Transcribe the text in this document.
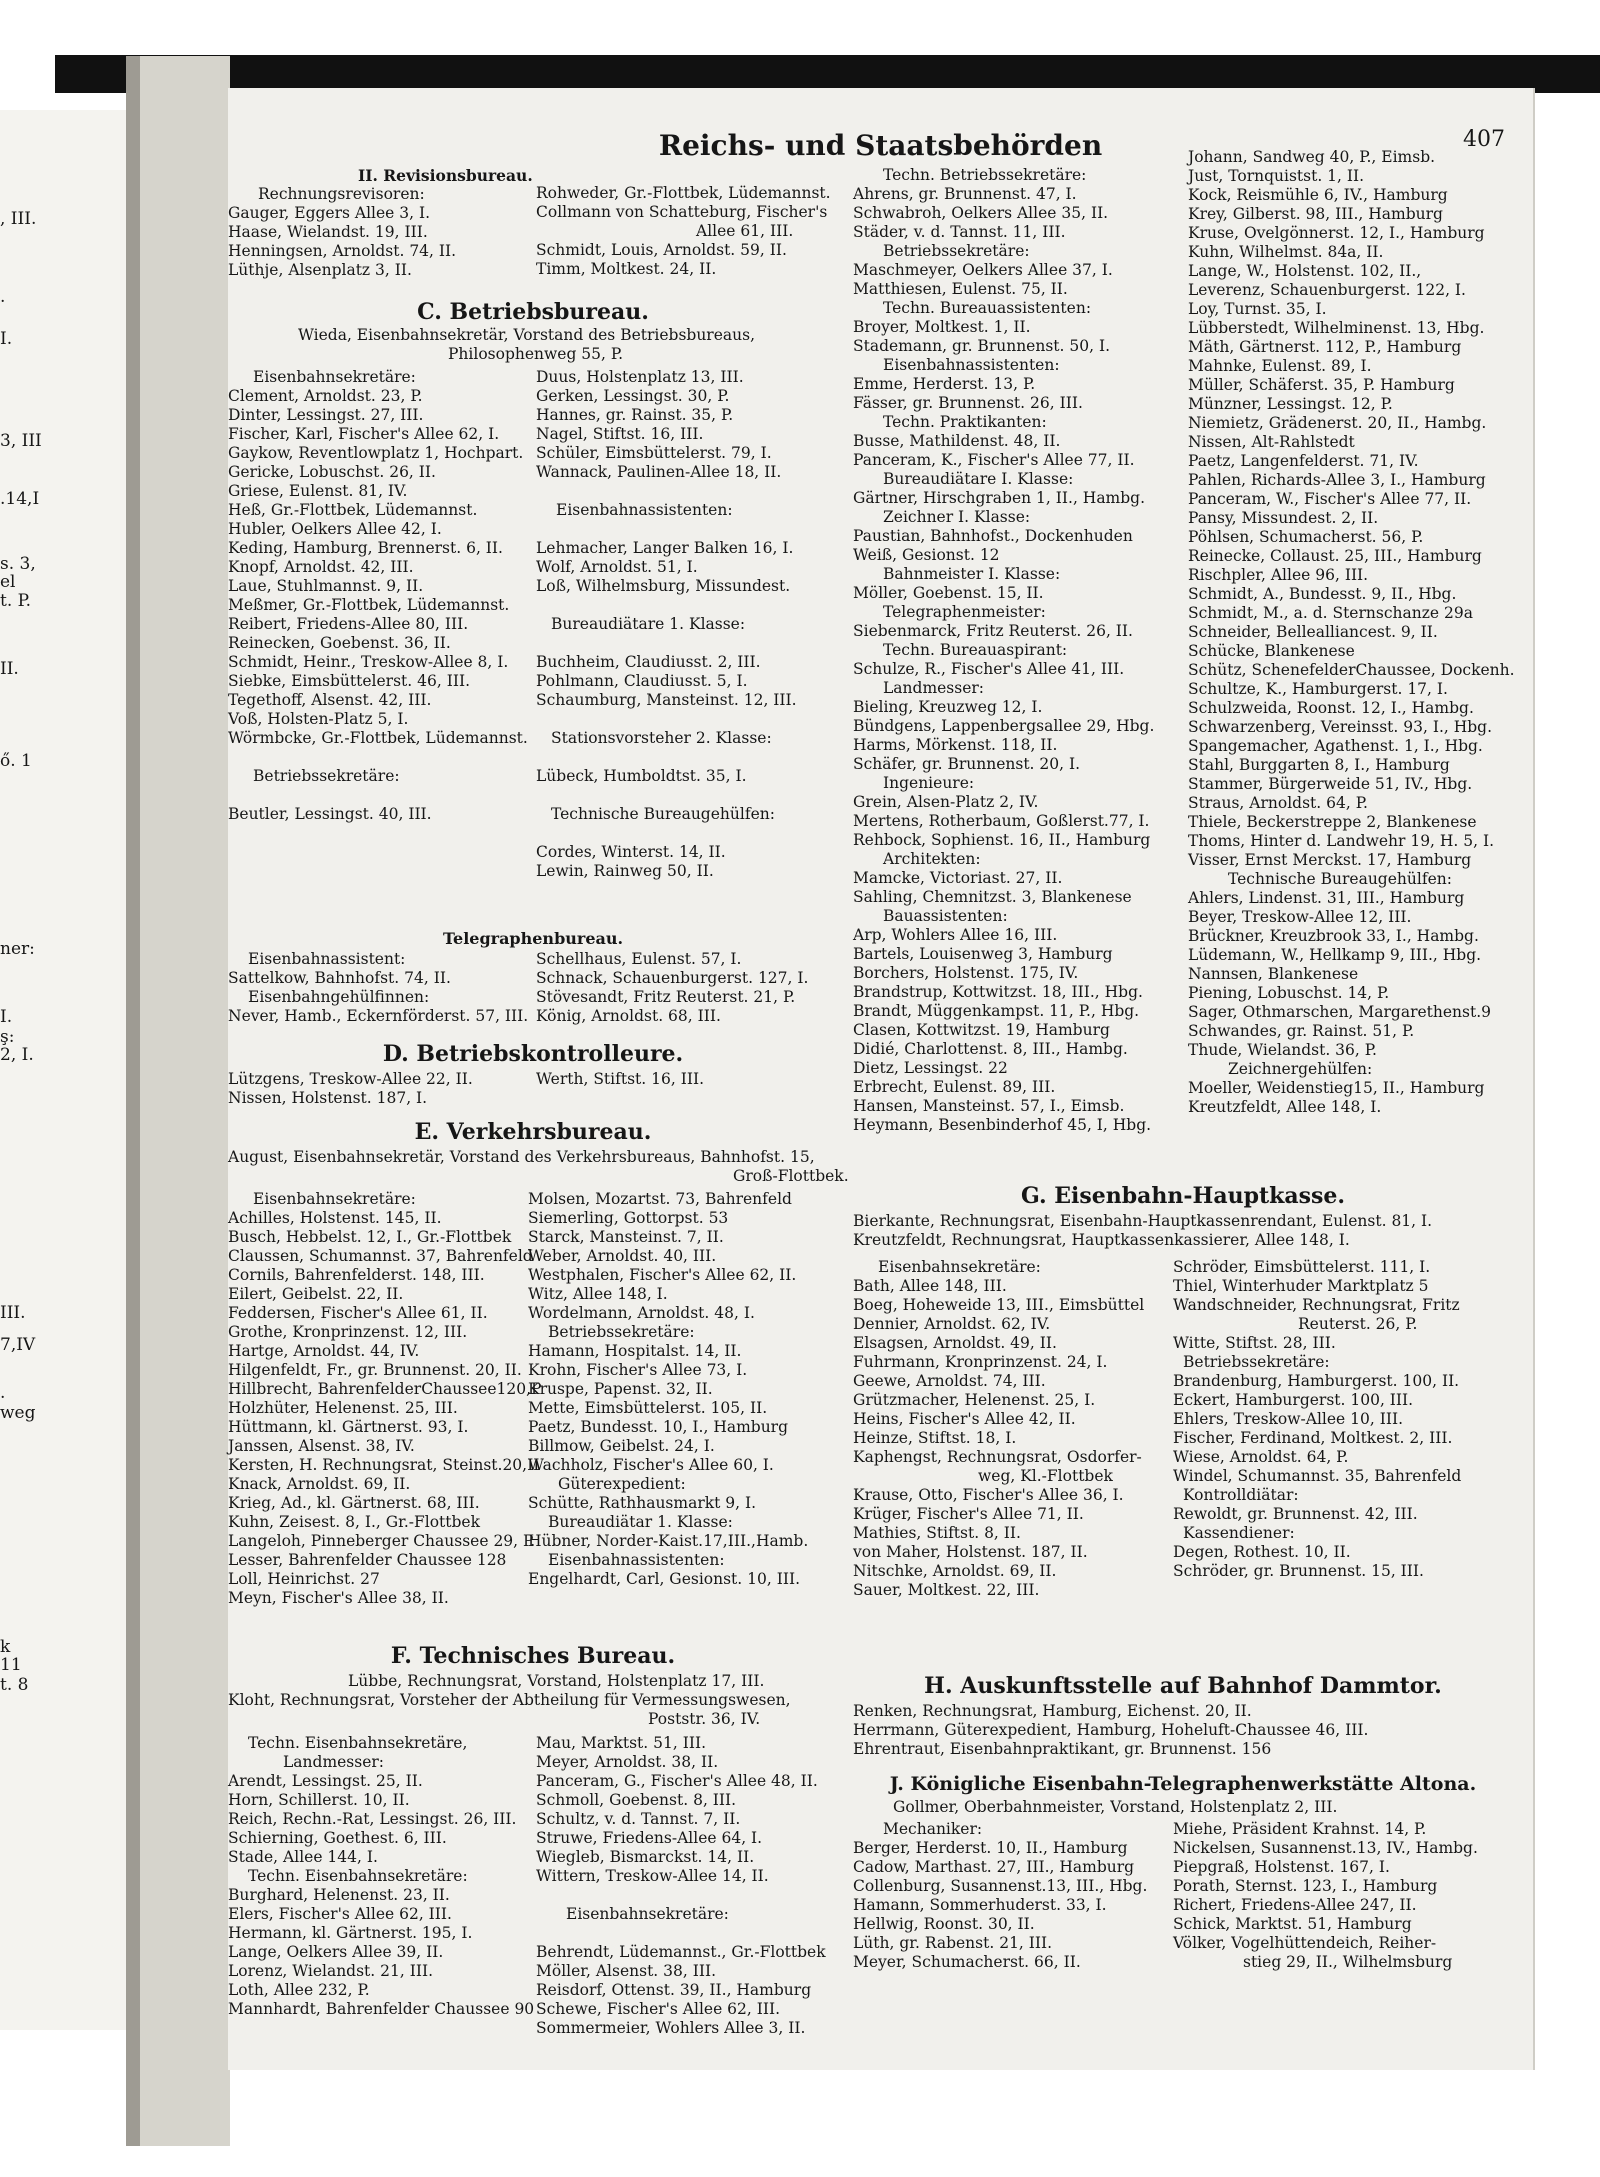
, III.
.
I.
3, III
.14,I
s. 3,
el
t. P.
II.
ő. 1
ner:
I.
ş:
2, I.
III.
7,IV
.
weg
k
11
t. 8
Reichs- und Staatsbehörden	407
II. Revisionsbureau.
Rechnungsrevisoren:
Gauger, Eggers Allee 3, I.
Haase, Wielandst. 19, III.
Henningsen, Arnoldst. 74, II.
Lüthje, Alsenplatz 3, II.
Rohweder, Gr.-Flottbek, Lüdemannst.
Collmann von Schatteburg, Fischer's
Allee 61, III.
Schmidt, Louis, Arnoldst. 59, II.
Timm, Moltkest. 24, II.
C. Betriebsbureau.
Wieda, Eisenbahnsekretär, Vorstand des Betriebsbureaus,
Philosophenweg 55, P.
Eisenbahnsekretäre:
Clement, Arnoldst. 23, P.
Dinter, Lessingst. 27, III.
Fischer, Karl, Fischer's Allee 62, I.
Gaykow, Reventlowplatz 1, Hochpart.
Gericke, Lobuschst. 26, II.
Griese, Eulenst. 81, IV.
Heß, Gr.-Flottbek, Lüdemannst.
Hubler, Oelkers Allee 42, I.
Keding, Hamburg, Brennerst. 6, II.
Knopf, Arnoldst. 42, III.
Laue, Stuhlmannst. 9, II.
Meßmer, Gr.-Flottbek, Lüdemannst.
Reibert, Friedens-Allee 80, III.
Reinecken, Goebenst. 36, II.
Schmidt, Heinr., Treskow-Allee 8, I.
Siebke, Eimsbüttelerst. 46, III.
Tegethoff, Alsenst. 42, III.
Voß, Holsten-Platz 5, I.
Wörmbcke, Gr.-Flottbek, Lüdemannst.
Betriebssekretäre:
Beutler, Lessingst. 40, III.
Duus, Holstenplatz 13, III.
Gerken, Lessingst. 30, P.
Hannes, gr. Rainst. 35, P.
Nagel, Stiftst. 16, III.
Schüler, Eimsbüttelerst. 79, I.
Wannack, Paulinen-Allee 18, II.
Eisenbahnassistenten:
Lehmacher, Langer Balken 16, I.
Wolf, Arnoldst. 51, I.
Loß, Wilhelmsburg, Missundest.
Bureaudiätare 1. Klasse:
Buchheim, Claudiusst. 2, III.
Pohlmann, Claudiusst. 5, I.
Schaumburg, Mansteinst. 12, III.
Stationsvorsteher 2. Klasse:
Lübeck, Humboldtst. 35, I.
Technische Bureaugehülfen:
Cordes, Winterst. 14, II.
Lewin, Rainweg 50, II.
Telegraphenbureau.
Eisenbahnassistent:
Sattelkow, Bahnhofst. 74, II.
Eisenbahngehülfinnen:
Never, Hamb., Eckernförderst. 57, III.
Schellhaus, Eulenst. 57, I.
Schnack, Schauenburgerst. 127, I.
Stövesandt, Fritz Reuterst. 21, P.
König, Arnoldst. 68, III.
D. Betriebskontrolleure.
Lützgens, Treskow-Allee 22, II.
Nissen, Holstenst. 187, I.
Werth, Stiftst. 16, III.
E. Verkehrsbureau.
August, Eisenbahnsekretär, Vorstand des Verkehrsbureaus, Bahnhofst. 15,
Groß-Flottbek.
Eisenbahnsekretäre:
Achilles, Holstenst. 145, II.
Busch, Hebbelst. 12, I., Gr.-Flottbek
Claussen, Schumannst. 37, Bahrenfeld
Cornils, Bahrenfelderst. 148, III.
Eilert, Geibelst. 22, II.
Feddersen, Fischer's Allee 61, II.
Grothe, Kronprinzenst. 12, III.
Hartge, Arnoldst. 44, IV.
Hilgenfeldt, Fr., gr. Brunnenst. 20, II.
Hillbrecht, BahrenfelderChaussee120,P
Holzhüter, Helenenst. 25, III.
Hüttmann, kl. Gärtnerst. 93, I.
Janssen, Alsenst. 38, IV.
Kersten, H. Rechnungsrat, Steinst.20,II
Knack, Arnoldst. 69, II.
Krieg, Ad., kl. Gärtnerst. 68, III.
Kuhn, Zeisest. 8, I., Gr.-Flottbek
Langeloh, Pinneberger Chaussee 29, P.
Lesser, Bahrenfelder Chaussee 128
Loll, Heinrichst. 27
Meyn, Fischer's Allee 38, II.
Molsen, Mozartst. 73, Bahrenfeld
Siemerling, Gottorpst. 53
Starck, Mansteinst. 7, II.
Weber, Arnoldst. 40, III.
Westphalen, Fischer's Allee 62, II.
Witz, Allee 148, I.
Wordelmann, Arnoldst. 48, I.
Betriebssekretäre:
Hamann, Hospitalst. 14, II.
Krohn, Fischer's Allee 73, I.
Kruspe, Papenst. 32, II.
Mette, Eimsbüttelerst. 105, II.
Paetz, Bundesst. 10, I., Hamburg
Billmow, Geibelst. 24, I.
Wachholz, Fischer's Allee 60, I.
Güterexpedient:
Schütte, Rathhausmarkt 9, I.
Bureaudiätar 1. Klasse:
Hübner, Norder-Kaist.17,III.,Hamb.
Eisenbahnassistenten:
Engelhardt, Carl, Gesionst. 10, III.
F. Technisches Bureau.
Lübbe, Rechnungsrat, Vorstand, Holstenplatz 17, III.
Kloht, Rechnungsrat, Vorsteher der Abtheilung für Vermessungswesen,
Poststr. 36, IV.
Techn. Eisenbahnsekretäre,
Landmesser:
Arendt, Lessingst. 25, II.
Horn, Schillerst. 10, II.
Reich, Rechn.-Rat, Lessingst. 26, III.
Schierning, Goethest. 6, III.
Stade, Allee 144, I.
Techn. Eisenbahnsekretäre:
Burghard, Helenenst. 23, II.
Elers, Fischer's Allee 62, III.
Hermann, kl. Gärtnerst. 195, I.
Lange, Oelkers Allee 39, II.
Lorenz, Wielandst. 21, III.
Loth, Allee 232, P.
Mannhardt, Bahrenfelder Chaussee 90
Mau, Marktst. 51, III.
Meyer, Arnoldst. 38, II.
Panceram, G., Fischer's Allee 48, II.
Schmoll, Goebenst. 8, III.
Schultz, v. d. Tannst. 7, II.
Struwe, Friedens-Allee 64, I.
Wiegleb, Bismarckst. 14, II.
Wittern, Treskow-Allee 14, II.
Eisenbahnsekretäre:
Behrendt, Lüdemannst., Gr.-Flottbek
Möller, Alsenst. 38, III.
Reisdorf, Ottenst. 39, II., Hamburg
Schewe, Fischer's Allee 62, III.
Sommermeier, Wohlers Allee 3, II.
Techn. Betriebssekretäre:
Ahrens, gr. Brunnenst. 47, I.
Schwabroh, Oelkers Allee 35, II.
Städer, v. d. Tannst. 11, III.
Betriebssekretäre:
Maschmeyer, Oelkers Allee 37, I.
Matthiesen, Eulenst. 75, II.
Techn. Bureauassistenten:
Broyer, Moltkest. 1, II.
Stademann, gr. Brunnenst. 50, I.
Eisenbahnassistenten:
Emme, Herderst. 13, P.
Fässer, gr. Brunnenst. 26, III.
Techn. Praktikanten:
Busse, Mathildenst. 48, II.
Panceram, K., Fischer's Allee 77, II.
Bureaudiätare I. Klasse:
Gärtner, Hirschgraben 1, II., Hambg.
Zeichner I. Klasse:
Paustian, Bahnhofst., Dockenhuden
Weiß, Gesionst. 12
Bahnmeister I. Klasse:
Möller, Goebenst. 15, II.
Telegraphenmeister:
Siebenmarck, Fritz Reuterst. 26, II.
Techn. Bureauaspirant:
Schulze, R., Fischer's Allee 41, III.
Landmesser:
Bieling, Kreuzweg 12, I.
Bündgens, Lappenbergsallee 29, Hbg.
Harms, Mörkenst. 118, II.
Schäfer, gr. Brunnenst. 20, I.
Ingenieure:
Grein, Alsen-Platz 2, IV.
Mertens, Rotherbaum, Goßlerst.77, I.
Rehbock, Sophienst. 16, II., Hamburg
Architekten:
Mamcke, Victoriast. 27, II.
Sahling, Chemnitzst. 3, Blankenese
Bauassistenten:
Arp, Wohlers Allee 16, III.
Bartels, Louisenweg 3, Hamburg
Borchers, Holstenst. 175, IV.
Brandstrup, Kottwitzst. 18, III., Hbg.
Brandt, Müggenkampst. 11, P., Hbg.
Clasen, Kottwitzst. 19, Hamburg
Didié, Charlottenst. 8, III., Hambg.
Dietz, Lessingst. 22
Erbrecht, Eulenst. 89, III.
Hansen, Mansteinst. 57, I., Eimsb.
Heymann, Besenbinderhof 45, I, Hbg.
Johann, Sandweg 40, P., Eimsb.
Just, Tornquistst. 1, II.
Kock, Reismühle 6, IV., Hamburg
Krey, Gilberst. 98, III., Hamburg
Kruse, Ovelgönnerst. 12, I., Hamburg
Kuhn, Wilhelmst. 84a, II.
Lange, W., Holstenst. 102, II.,
Leverenz, Schauenburgerst. 122, I.
Loy, Turnst. 35, I.
Lübberstedt, Wilhelminenst. 13, Hbg.
Mäth, Gärtnerst. 112, P., Hamburg
Mahnke, Eulenst. 89, I.
Müller, Schäferst. 35, P. Hamburg
Münzner, Lessingst. 12, P.
Niemietz, Grädenerst. 20, II., Hambg.
Nissen, Alt-Rahlstedt
Paetz, Langenfelderst. 71, IV.
Pahlen, Richards-Allee 3, I., Hamburg
Panceram, W., Fischer's Allee 77, II.
Pansy, Missundest. 2, II.
Pöhlsen, Schumacherst. 56, P.
Reinecke, Collaust. 25, III., Hamburg
Rischpler, Allee 96, III.
Schmidt, A., Bundesst. 9, II., Hbg.
Schmidt, M., a. d. Sternschanze 29a
Schneider, Bellealliancest. 9, II.
Schücke, Blankenese
Schütz, SchenefelderChaussee, Dockenh.
Schultze, K., Hamburgerst. 17, I.
Schulzweida, Roonst. 12, I., Hambg.
Schwarzenberg, Vereinsst. 93, I., Hbg.
Spangemacher, Agathenst. 1, I., Hbg.
Stahl, Burggarten 8, I., Hamburg
Stammer, Bürgerweide 51, IV., Hbg.
Straus, Arnoldst. 64, P.
Thiele, Beckerstreppe 2, Blankenese
Thoms, Hinter d. Landwehr 19, H. 5, I.
Visser, Ernst Merckst. 17, Hamburg
Technische Bureaugehülfen:
Ahlers, Lindenst. 31, III., Hamburg
Beyer, Treskow-Allee 12, III.
Brückner, Kreuzbrook 33, I., Hambg.
Lüdemann, W., Hellkamp 9, III., Hbg.
Nannsen, Blankenese
Piening, Lobuschst. 14, P.
Sager, Othmarschen, Margarethenst.9
Schwandes, gr. Rainst. 51, P.
Thude, Wielandst. 36, P.
Zeichnergehülfen:
Moeller, Weidenstieg15, II., Hamburg
Kreutzfeldt, Allee 148, I.
G. Eisenbahn-Hauptkasse.
Bierkante, Rechnungsrat, Eisenbahn-Hauptkassenrendant, Eulenst. 81, I.
Kreutzfeldt, Rechnungsrat, Hauptkassenkassierer, Allee 148, I.
Eisenbahnsekretäre:
Bath, Allee 148, III.
Boeg, Hoheweide 13, III., Eimsbüttel
Dennier, Arnoldst. 62, IV.
Elsagsen, Arnoldst. 49, II.
Fuhrmann, Kronprinzenst. 24, I.
Geewe, Arnoldst. 74, III.
Grützmacher, Helenenst. 25, I.
Heins, Fischer's Allee 42, II.
Heinze, Stiftst. 18, I.
Kaphengst, Rechnungsrat, Osdorfer-
weg, Kl.-Flottbek
Krause, Otto, Fischer's Allee 36, I.
Krüger, Fischer's Allee 71, II.
Mathies, Stiftst. 8, II.
von Maher, Holstenst. 187, II.
Nitschke, Arnoldst. 69, II.
Sauer, Moltkest. 22, III.
Schröder, Eimsbüttelerst. 111, I.
Thiel, Winterhuder Marktplatz 5
Wandschneider, Rechnungsrat, Fritz
Reuterst. 26, P.
Witte, Stiftst. 28, III.
Betriebssekretäre:
Brandenburg, Hamburgerst. 100, II.
Eckert, Hamburgerst. 100, III.
Ehlers, Treskow-Allee 10, III.
Fischer, Ferdinand, Moltkest. 2, III.
Wiese, Arnoldst. 64, P.
Windel, Schumannst. 35, Bahrenfeld
Kontrolldiätar:
Rewoldt, gr. Brunnenst. 42, III.
Kassendiener:
Degen, Rothest. 10, II.
Schröder, gr. Brunnenst. 15, III.
H. Auskunftsstelle auf Bahnhof Dammtor.
Renken, Rechnungsrat, Hamburg, Eichenst. 20, II.
Herrmann, Güterexpedient, Hamburg, Hoheluft-Chaussee 46, III.
Ehrentraut, Eisenbahnpraktikant, gr. Brunnenst. 156
J. Königliche Eisenbahn-Telegraphenwerkstätte Altona.
Gollmer, Oberbahnmeister, Vorstand, Holstenplatz 2, III.
Mechaniker:
Berger, Herderst. 10, II., Hamburg
Cadow, Marthast. 27, III., Hamburg
Collenburg, Susannenst.13, III., Hbg.
Hamann, Sommerhuderst. 33, I.
Hellwig, Roonst. 30, II.
Lüth, gr. Rabenst. 21, III.
Meyer, Schumacherst. 66, II.
Miehe, Präsident Krahnst. 14, P.
Nickelsen, Susannenst.13, IV., Hambg.
Piepgraß, Holstenst. 167, I.
Porath, Sternst. 123, I., Hamburg
Richert, Friedens-Allee 247, II.
Schick, Marktst. 51, Hamburg
Völker, Vogelhüttendeich, Reiher-
stieg 29, II., Wilhelmsburg
